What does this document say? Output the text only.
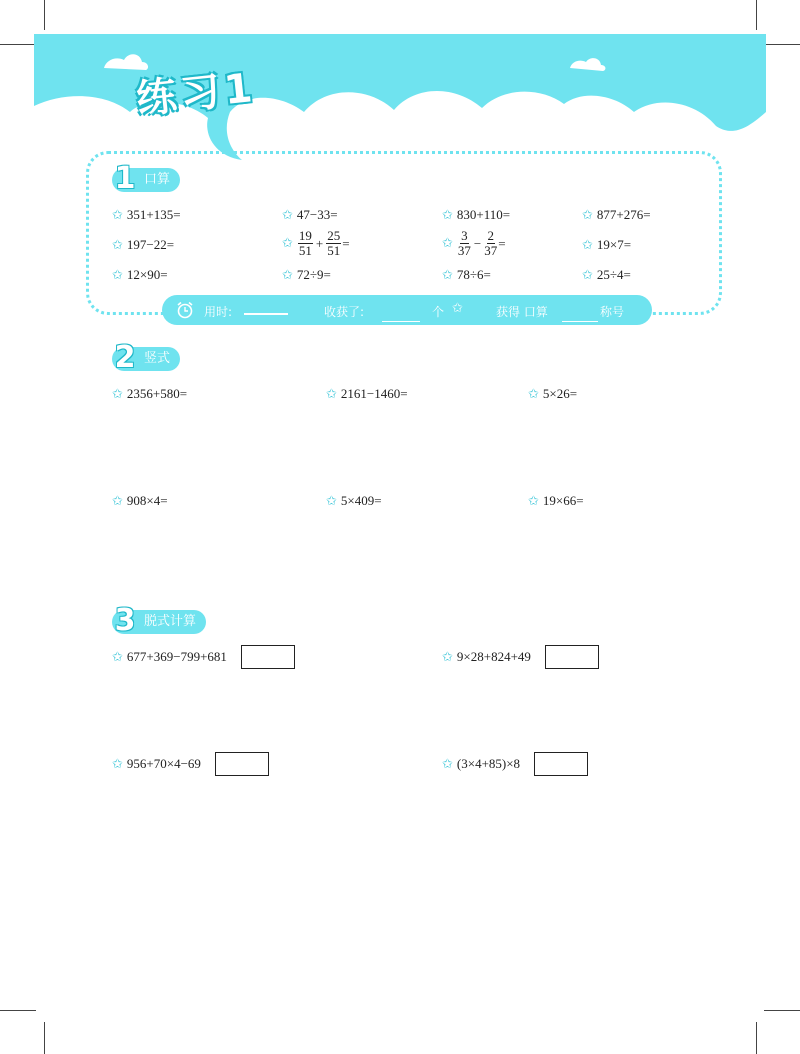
练习1
1 口算
✩ 351+135=	✩ 47−33=	✩ 830+110=	✩ 877+276=
✩ 197−22=	✩ $\frac{19}{51} + \frac{25}{51}$ =	✩ $\frac{3}{37} - \frac{2}{37}$ =	✩ 19×7=
✩ 12×90=	✩ 72÷9=	✩ 78÷6=	✩ 25÷4=
用时:	收获了:	个 ✩	获得 口算	称号
2 竖式
✩ 2356+580=	✩ 2161−1460=	✩ 5×26=
✩ 908×4=	✩ 5×409=	✩ 19×66=
3 脱式计算
✩ 677+369−799+681	✩ 9×28+824+49
✩ 956+70×4−69	✩ (3×4+85)×8
